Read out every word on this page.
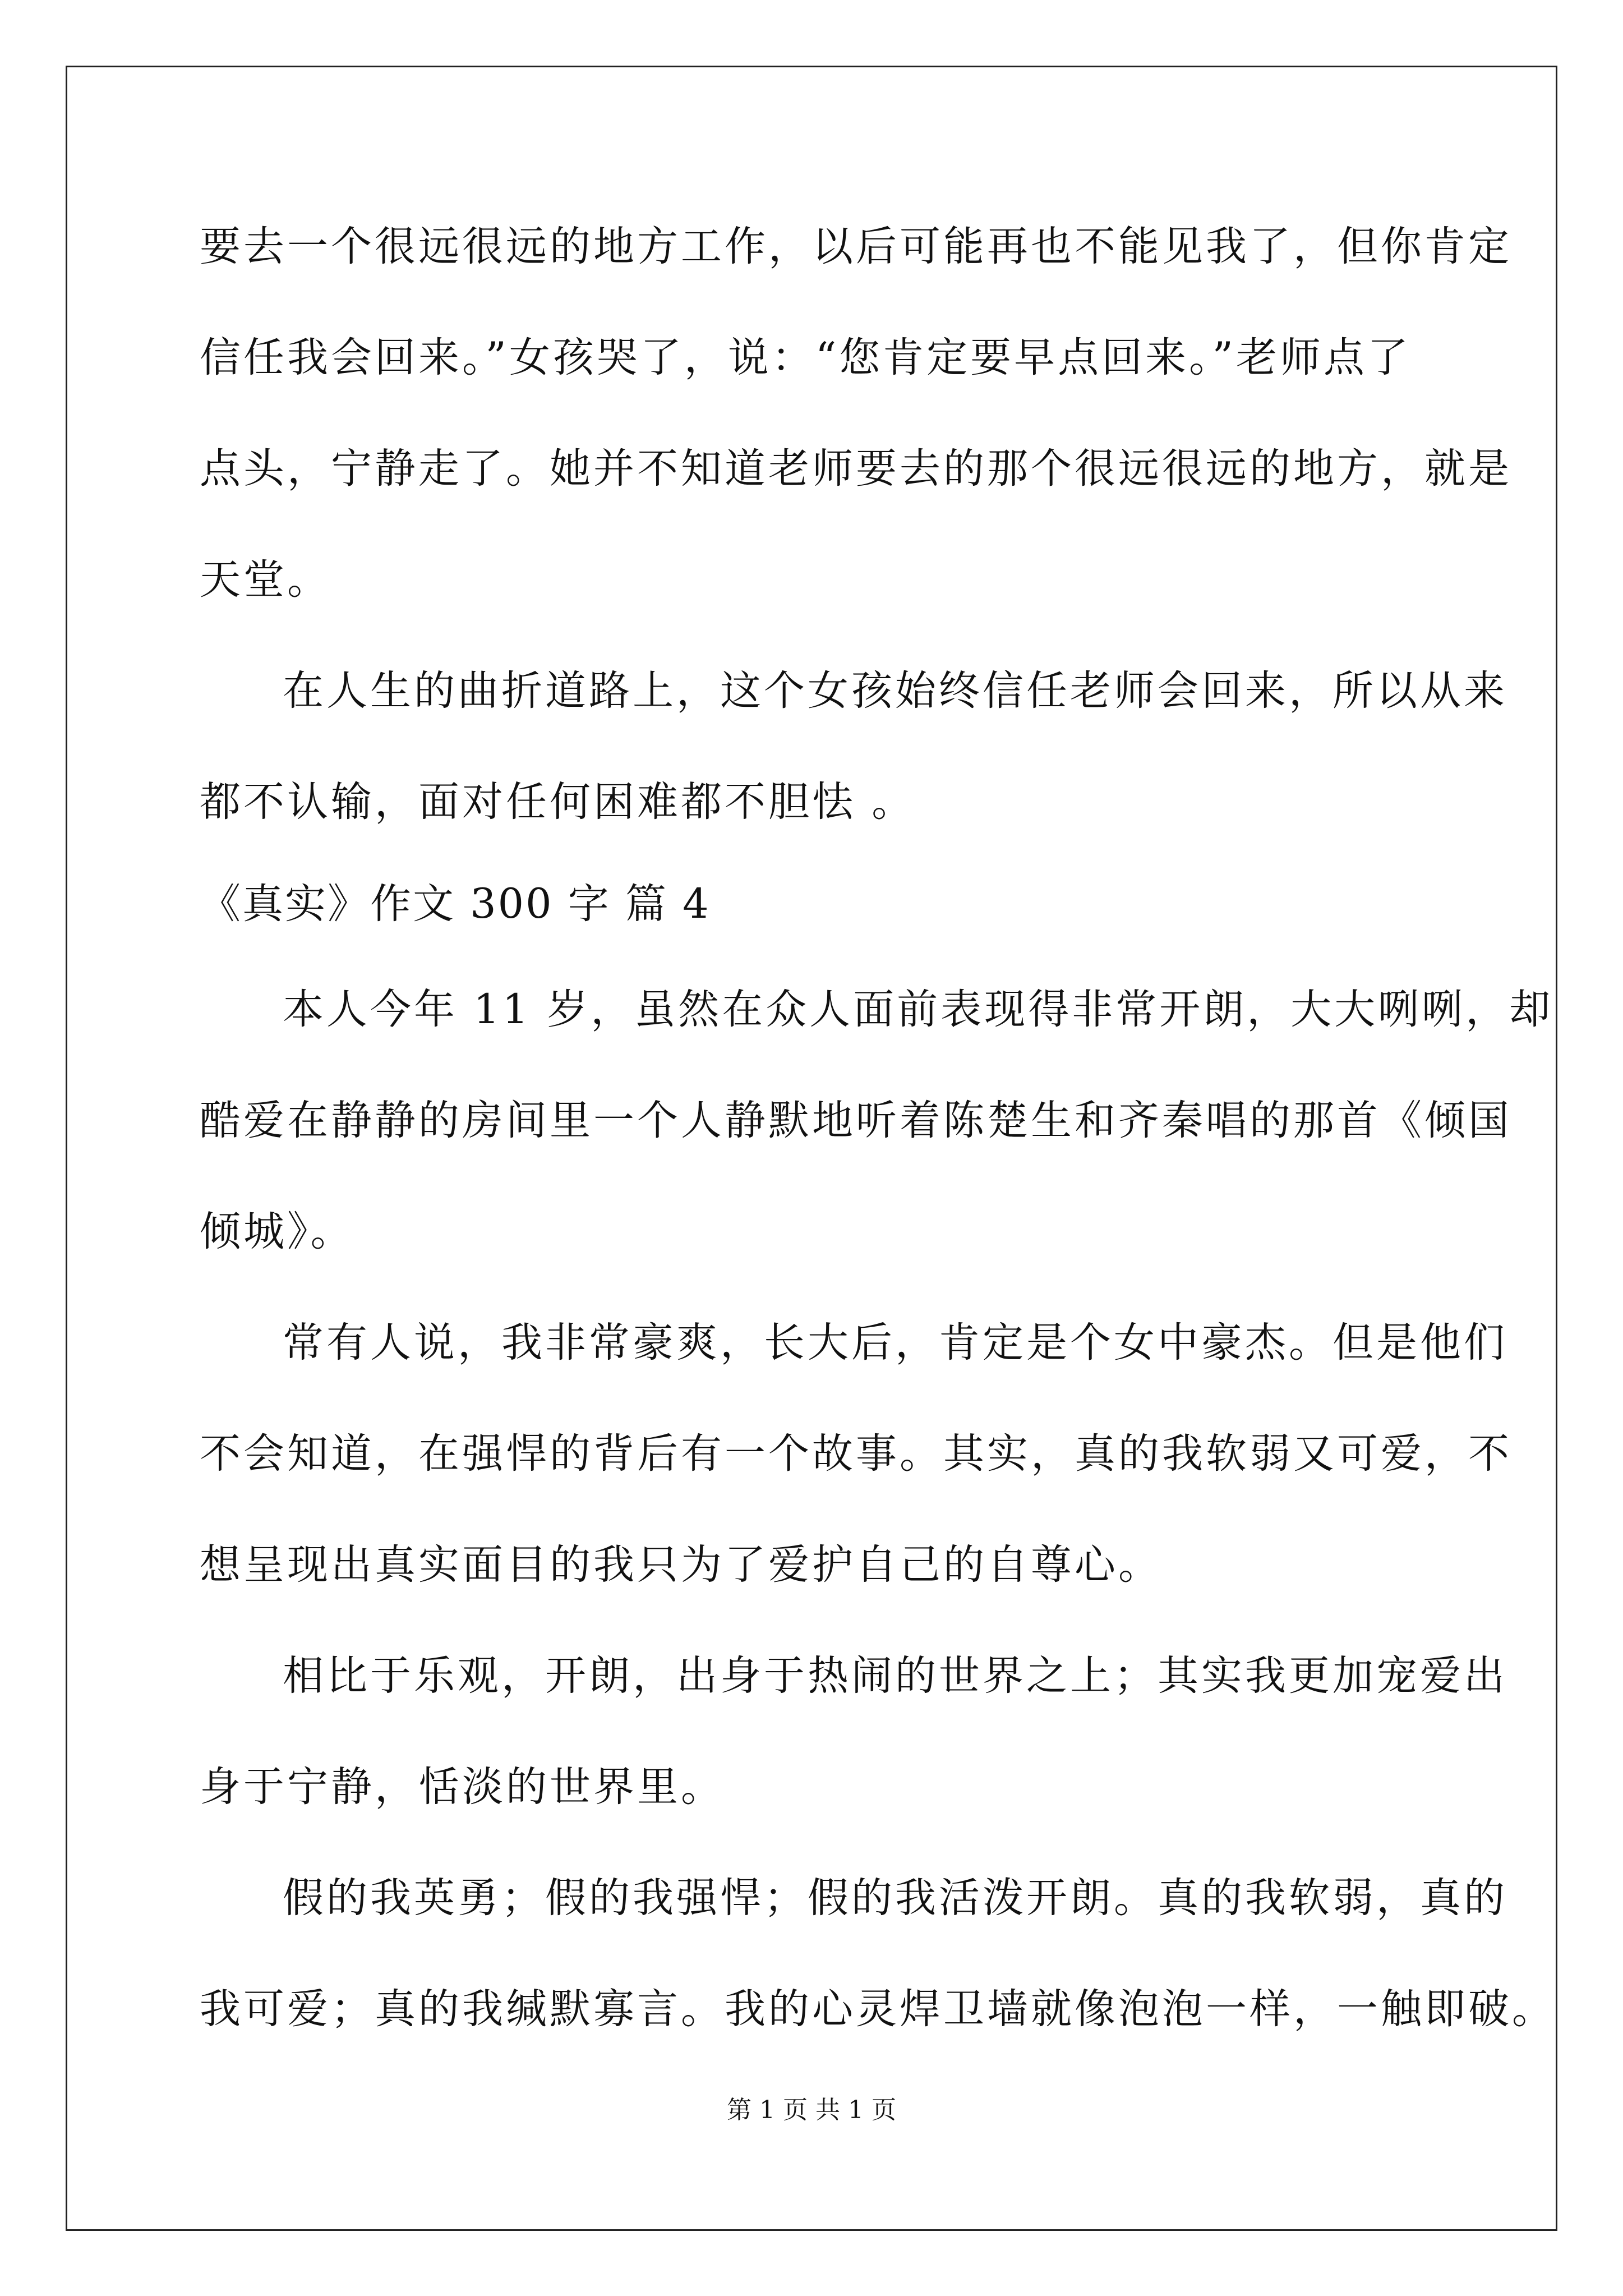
要去一个很远很远的地方工作，以后可能再也不能见我了，但你肯定
信任我会回来。”女孩哭了，说：“您肯定要早点回来。”老师点了
点头，宁静走了。她并不知道老师要去的那个很远很远的地方，就是
天堂。
在人生的曲折道路上，这个女孩始终信任老师会回来，所以从来
都不认输，面对任何困难都不胆怯 。
《真实》作文 300 字 篇 4
本人今年 11 岁，虽然在众人面前表现得非常开朗，大大咧咧，却
酷爱在静静的房间里一个人静默地听着陈楚生和齐秦唱的那首《倾国
倾城》。
常有人说，我非常豪爽，长大后，肯定是个女中豪杰。但是他们
不会知道，在强悍的背后有一个故事。其实，真的我软弱又可爱，不
想呈现出真实面目的我只为了爱护自己的自尊心。
相比于乐观，开朗，出身于热闹的世界之上；其实我更加宠爱出
身于宁静，恬淡的世界里。
假的我英勇；假的我强悍；假的我活泼开朗。真的我软弱，真的
我可爱；真的我缄默寡言。我的心灵焊卫墙就像泡泡一样，一触即破。
第 1 页 共 1 页
